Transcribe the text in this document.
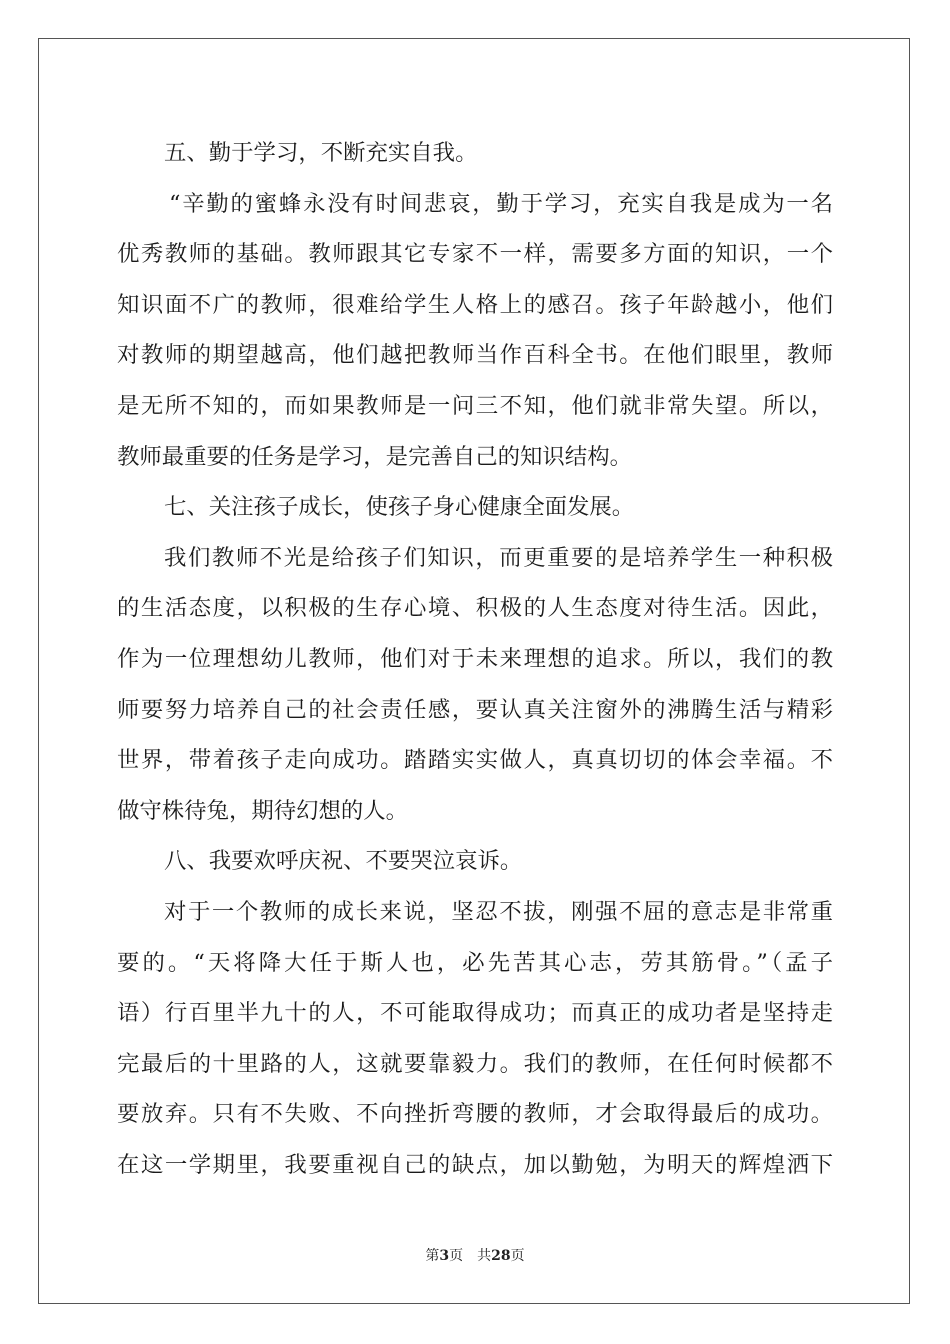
五、勤于学习，不断充实自我。
“辛勤的蜜蜂永没有时间悲哀，勤于学习，充实自我是成为一名
优秀教师的基础。教师跟其它专家不一样，需要多方面的知识，一个
知识面不广的教师，很难给学生人格上的感召。孩子年龄越小，他们
对教师的期望越高，他们越把教师当作百科全书。在他们眼里，教师
是无所不知的，而如果教师是一问三不知，他们就非常失望。所以，
教师最重要的任务是学习，是完善自己的知识结构。
七、关注孩子成长，使孩子身心健康全面发展。
我们教师不光是给孩子们知识，而更重要的是培养学生一种积极
的生活态度，以积极的生存心境、积极的人生态度对待生活。因此，
作为一位理想幼儿教师，他们对于未来理想的追求。所以，我们的教
师要努力培养自己的社会责任感，要认真关注窗外的沸腾生活与精彩
世界，带着孩子走向成功。踏踏实实做人，真真切切的体会幸福。不
做守株待兔，期待幻想的人。
八、我要欢呼庆祝、不要哭泣哀诉。
对于一个教师的成长来说，坚忍不拔，刚强不屈的意志是非常重
要的。“天将降大任于斯人也，必先苦其心志，劳其筋骨。”（孟子
语）行百里半九十的人，不可能取得成功；而真正的成功者是坚持走
完最后的十里路的人，这就要靠毅力。我们的教师，在任何时候都不
要放弃。只有不失败、不向挫折弯腰的教师，才会取得最后的成功。
在这一学期里，我要重视自己的缺点，加以勤勉，为明天的辉煌洒下
第3页 共28页
